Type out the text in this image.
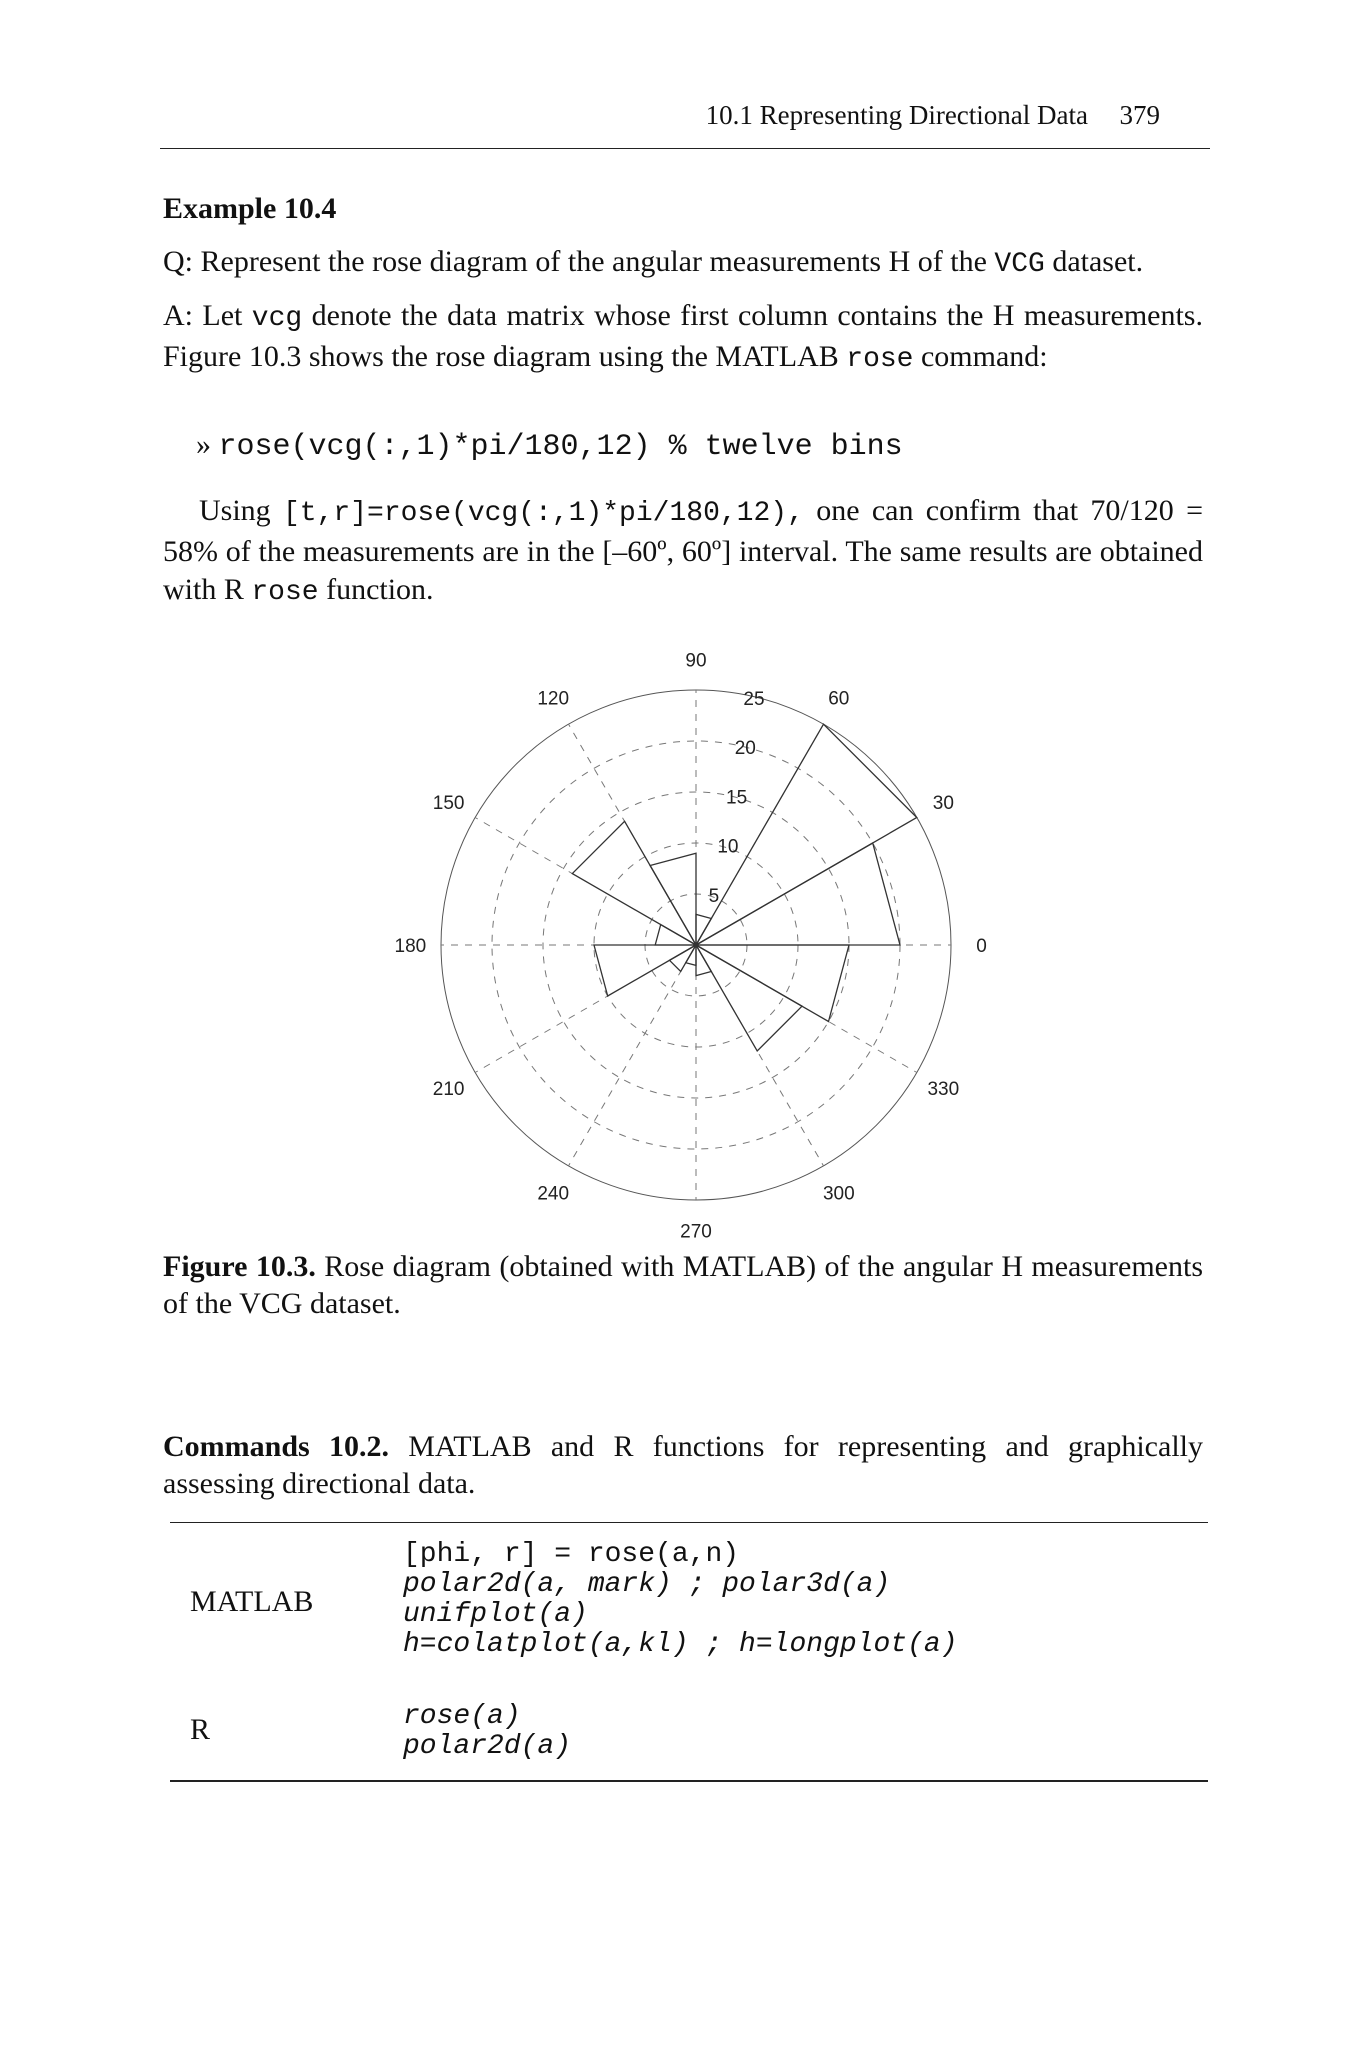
10.1 Representing Directional Data 379
Example 10.4
Q: Represent the rose diagram of the angular measurements H of the VCG dataset.
A: Let vcg denote the data matrix whose first column contains the H measurements. Figure 10.3 shows the rose diagram using the MATLAB rose command:
» rose(vcg(:,1)*pi/180,12) % twelve bins
Using [t,r]=rose(vcg(:,1)*pi/180,12), one can confirm that 70/120 = 58% of the measurements are in the [–60º, 60º] interval. The same results are obtained with R rose function.
5
10
15
20
25
0
30
60
90
120
150
180
210
240
270
300
330
Figure 10.3. Rose diagram (obtained with MATLAB) of the angular H measurements of the VCG dataset.
Commands 10.2. MATLAB and R functions for representing and graphically assessing directional data.
MATLAB
[phi, r] = rose(a,n)
polar2d(a, mark) ; polar3d(a)
unifplot(a)
h=colatplot(a,kl) ; h=longplot(a)
R	rose(a)
polar2d(a)
